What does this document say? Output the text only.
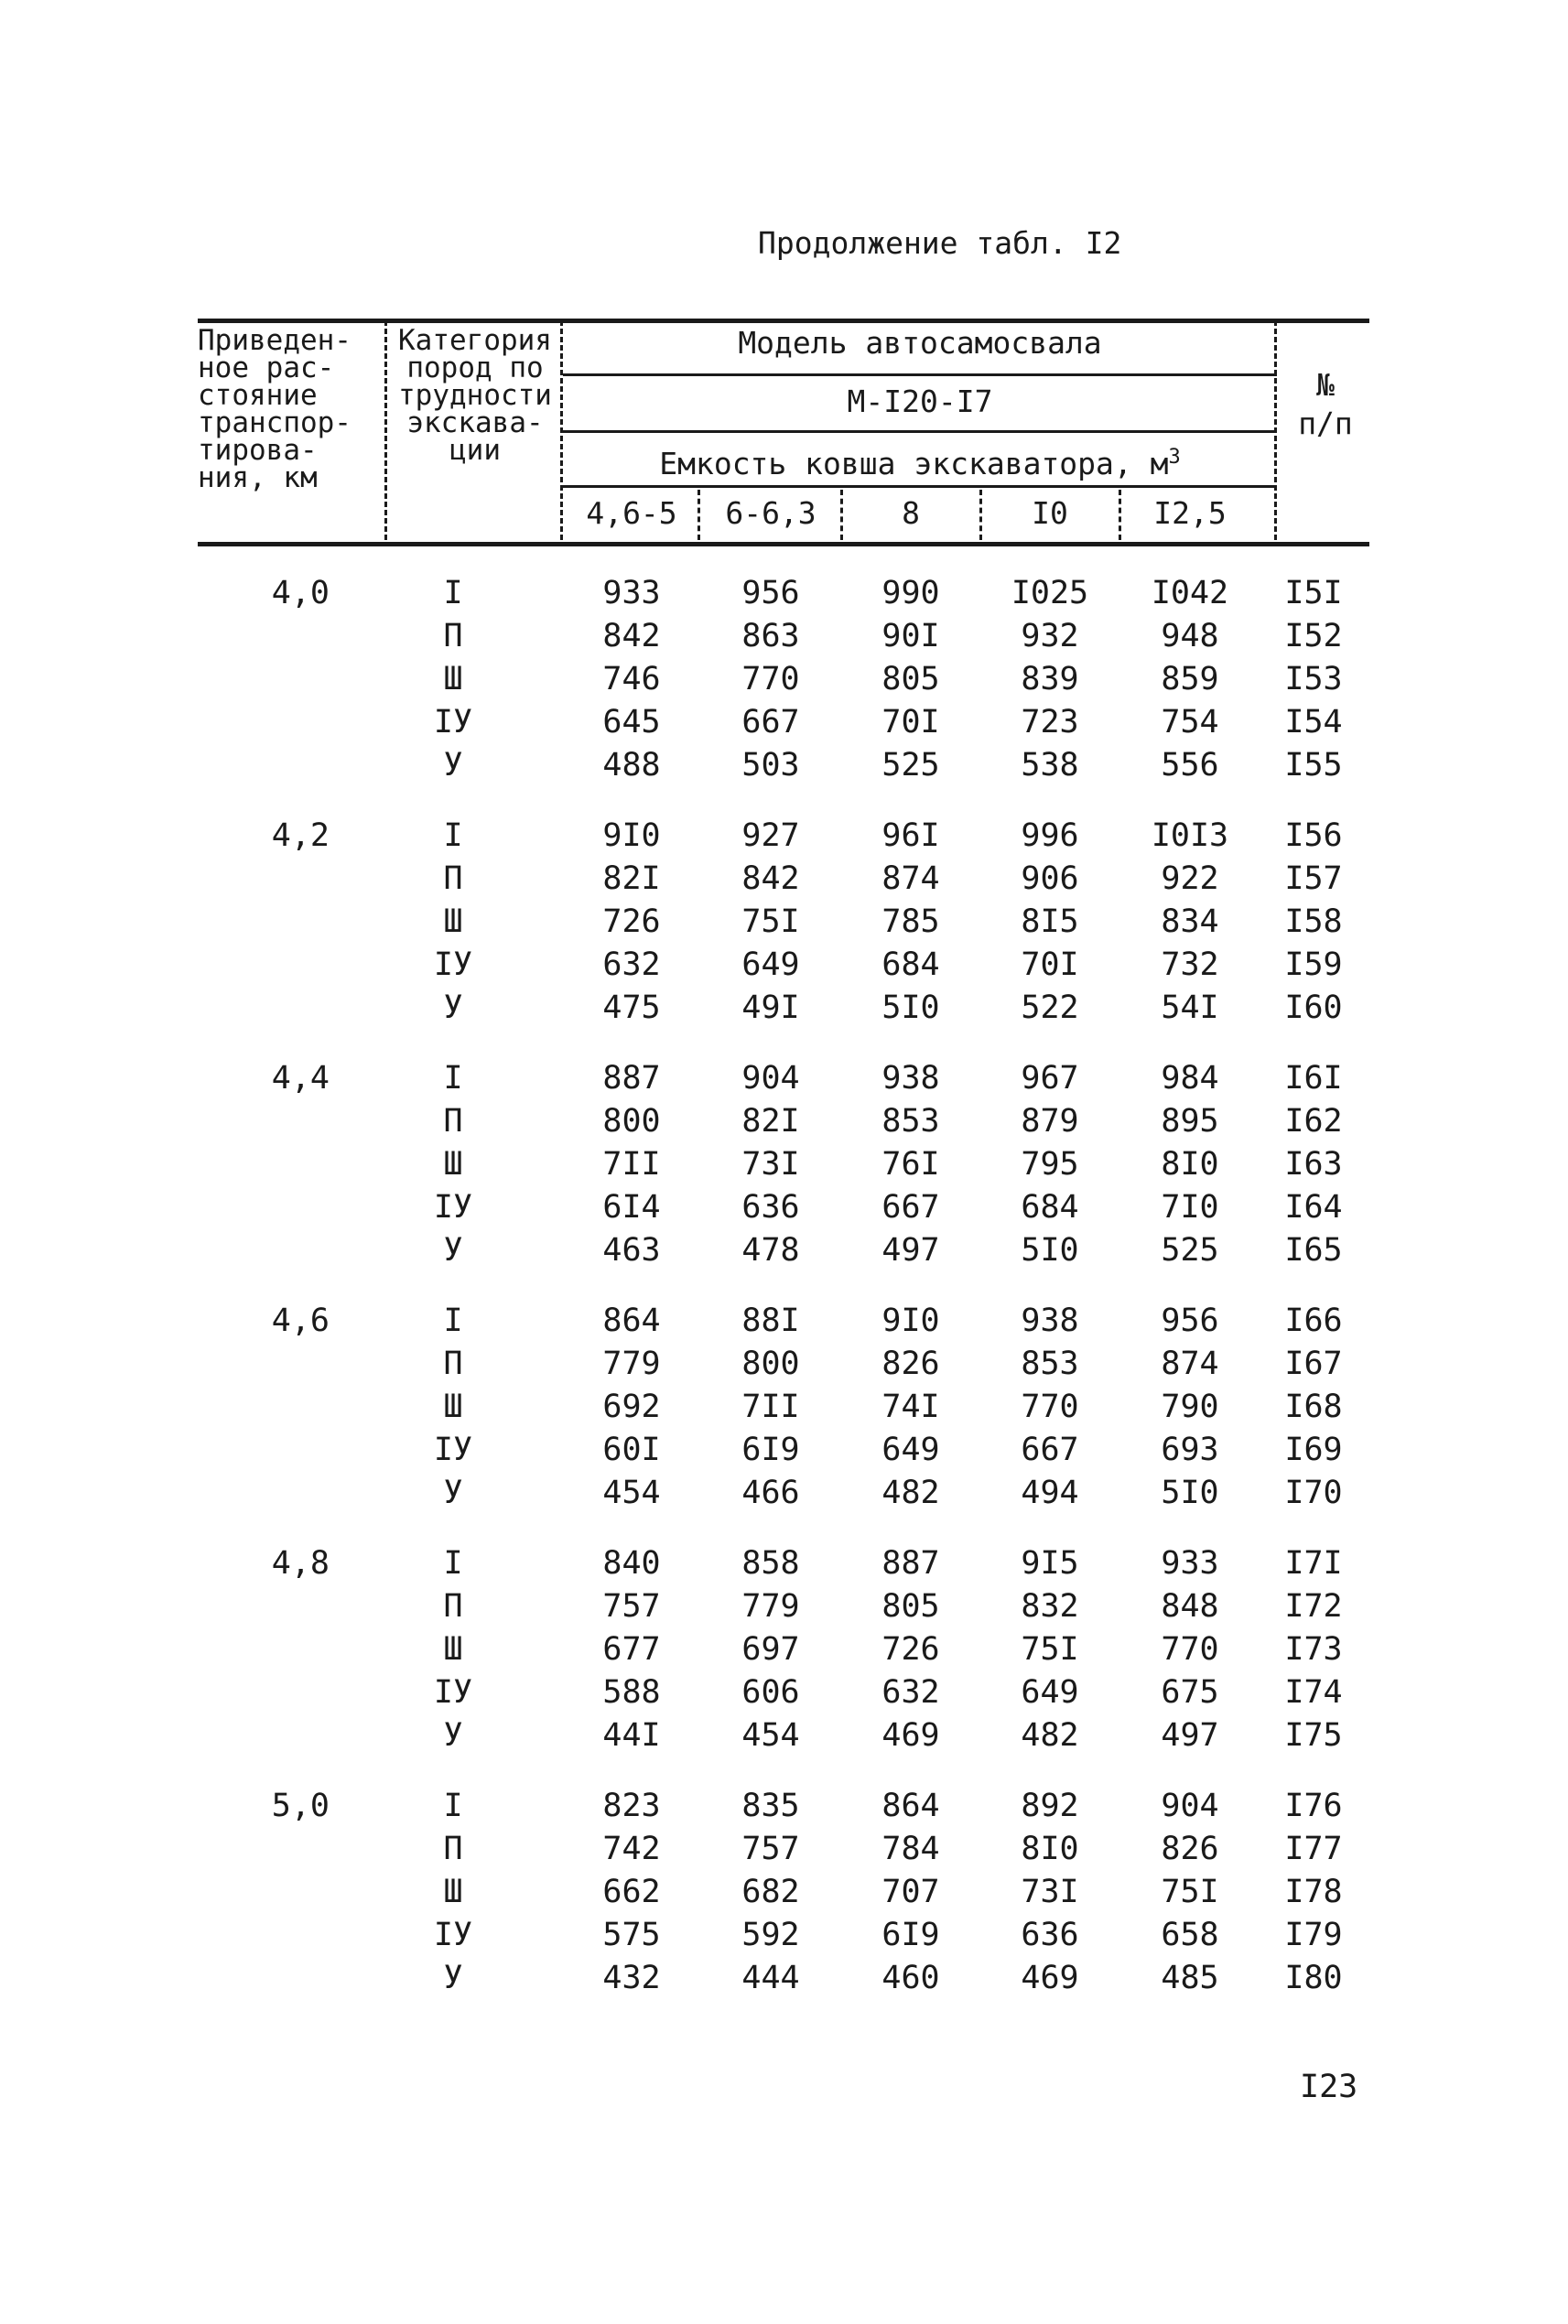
Продолжение табл. I2
Приведен-
ное рас-
стояние
транспор-
тирова-
ния, км
Категория
пород по
трудности
экскава-
ции
Модель автосамосвала
М-I20-I7
Емкость ковша экскаватора, $м^3$
4,6-5	6-6,3	8	I0	I2,5
№
п/п
4,0	I	933	956	990	I025	I042	I5I
П	842	863	90I	932	948	I52
Ш	746	770	805	839	859	I53
IУ	645	667	70I	723	754	I54
У	488	503	525	538	556	I55
4,2	I	9I0	927	96I	996	I0I3	I56
П	82I	842	874	906	922	I57
Ш	726	75I	785	8I5	834	I58
IУ	632	649	684	70I	732	I59
У	475	49I	5I0	522	54I	I60
4,4	I	887	904	938	967	984	I6I
П	800	82I	853	879	895	I62
Ш	7II	73I	76I	795	8I0	I63
IУ	6I4	636	667	684	7I0	I64
У	463	478	497	5I0	525	I65
4,6	I	864	88I	9I0	938	956	I66
П	779	800	826	853	874	I67
Ш	692	7II	74I	770	790	I68
IУ	60I	6I9	649	667	693	I69
У	454	466	482	494	5I0	I70
4,8	I	840	858	887	9I5	933	I7I
П	757	779	805	832	848	I72
Ш	677	697	726	75I	770	I73
IУ	588	606	632	649	675	I74
У	44I	454	469	482	497	I75
5,0	I	823	835	864	892	904	I76
П	742	757	784	8I0	826	I77
Ш	662	682	707	73I	75I	I78
IУ	575	592	6I9	636	658	I79
У	432	444	460	469	485	I80
I23
